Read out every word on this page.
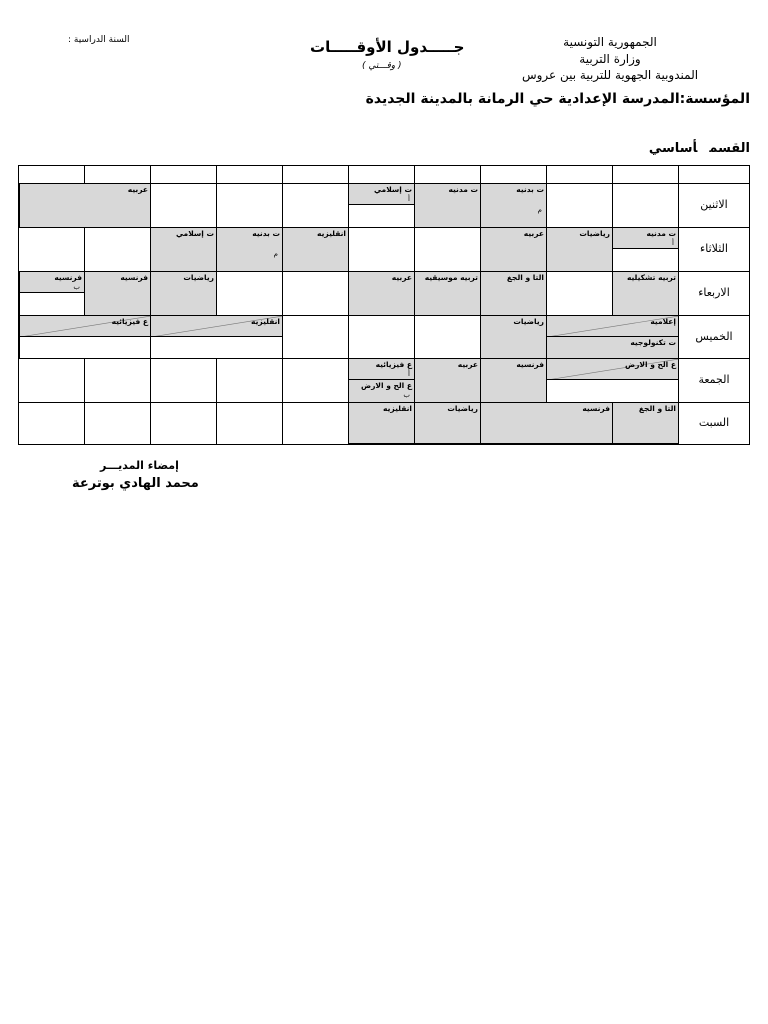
الجمهورية التونسية
وزارة التربية
المندوبية الجهوية للتربية بين عروس
السنة الدراسية :	جـــــدول الأوقـــــات
( وقـــتي )
المؤسسة:المدرسة الإعدادية حي الرمانة بالمدينة الجديدة
القسمأساسي
الاثنين
الثلاثاء
الاربعاء
الخميس
الجمعة
السبت
ت بدنيه
م
ت مدنيه
ت إسلامي
أ
عربيه
ت مدنيه
أ
رياضيات
عربيه
انقليزيه
ت بدنيه
م
ت إسلامي
تربيه تشكيليه
التا و الجغ
تربيه موسيقيه
عربيه
رياضيات
فرنسيه
فرنسيه
ب
إعلاميه
ت تكنولوجيه
رياضيات
انقليزيه
ع فيزيائيه
ع الح و الارض
فرنسيه
عربيه
ع فيزيائيه
أ
ع الح و الارض
ب
التا و الجغ
فرنسيه
رياضيات
انقليزيه
إمضاء المديـــر
محمد الهادي بوترعة
